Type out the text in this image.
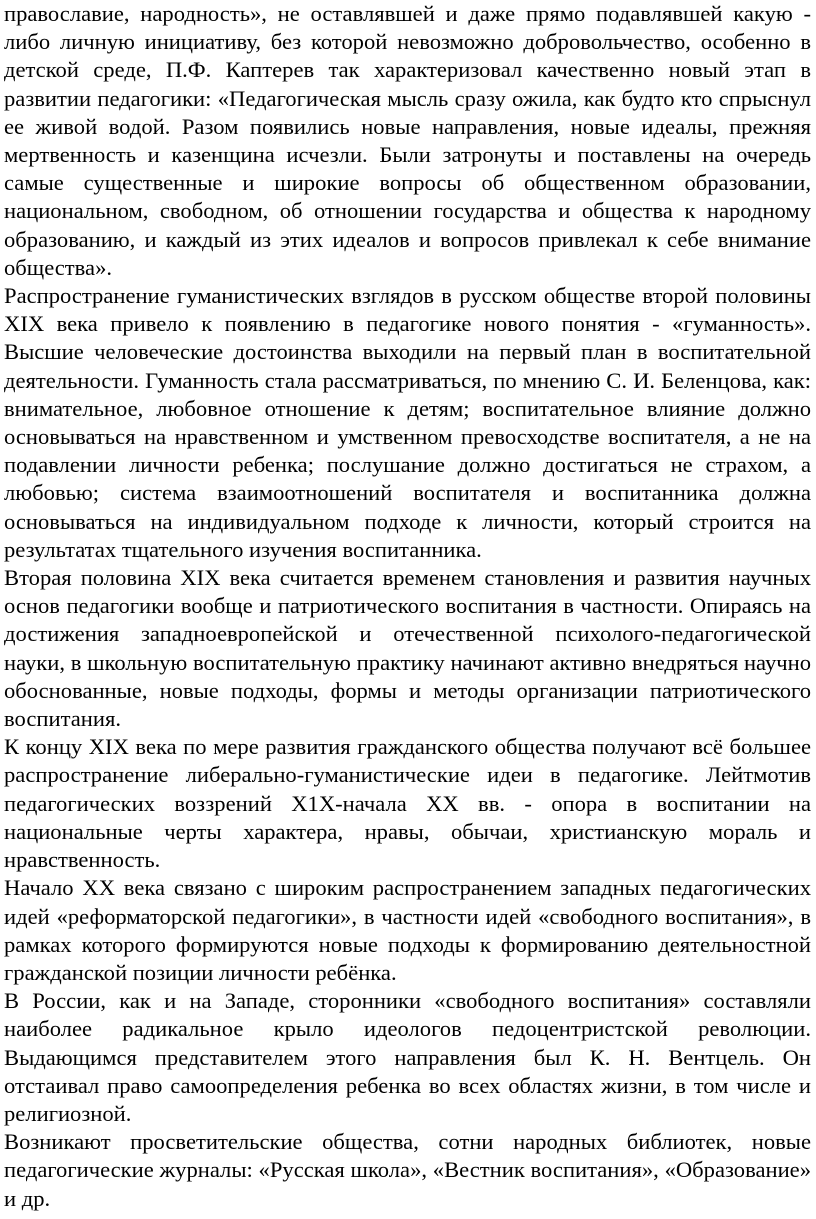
православие, народность», не оставлявшей и даже прямо подавлявшей какую - либо личную инициативу, без которой невозможно добровольчество, особенно в детской среде, П.Ф. Каптерев так характеризовал качественно новый этап в развитии педагогики: «Педагогическая мысль сразу ожила, как будто кто спрыснул ее живой водой. Разом появились новые направления, новые идеалы, прежняя мертвенность и казенщина исчезли. Были затронуты и поставлены на очередь самые существенные и широкие вопросы об общественном образовании, национальном, свободном, об отношении государства и общества к народному образованию, и каждый из этих идеалов и вопросов привлекал к себе внимание общества».

Распространение гуманистических взглядов в русском обществе второй половины XIX века привело к появлению в педагогике нового понятия - «гуманность». Высшие человеческие достоинства выходили на первый план в воспитательной деятельности. Гуманность стала рассматриваться, по мнению С. И. Беленцова, как: внимательное, любовное отношение к детям; воспитательное влияние должно основываться на нравственном и умственном превосходстве воспитателя, а не на подавлении личности ребенка; послушание должно достигаться не страхом, а любовью; система взаимоотношений воспитателя и воспитанника должна основываться на индивидуальном подходе к личности, который строится на результатах тщательного изучения воспитанника.

Вторая половина XIX века считается временем становления и развития научных основ педагогики вообще и патриотического воспитания в частности. Опираясь на достижения западноевропейской и отечественной психолого-педагогической науки, в школьную воспитательную практику начинают активно внедряться научно обоснованные, новые подходы, формы и методы организации патриотического воспитания.

К концу XIX века по мере развития гражданского общества получают всё большее распространение либерально-гуманистические идеи в педагогике. Лейтмотив педагогических воззрений Х1Х-начала XX вв. - опора в воспитании на национальные черты характера, нравы, обычаи, христианскую мораль и нравственность.

Начало XX века связано с широким распространением западных педагогических идей «реформаторской педагогики», в частности идей «свободного воспитания», в рамках которого формируются новые подходы к формированию деятельностной гражданской позиции личности ребёнка.

В России, как и на Западе, сторонники «свободного воспитания» составляли наиболее радикальное крыло идеологов педоцентристской революции. Выдающимся представителем этого направления был К. Н. Вентцель. Он отстаивал право самоопределения ребенка во всех областях жизни, в том числе и религиозной.

Возникают просветительские общества, сотни народных библиотек, новые педагогические журналы: «Русская школа», «Вестник воспитания», «Образование» и др.
